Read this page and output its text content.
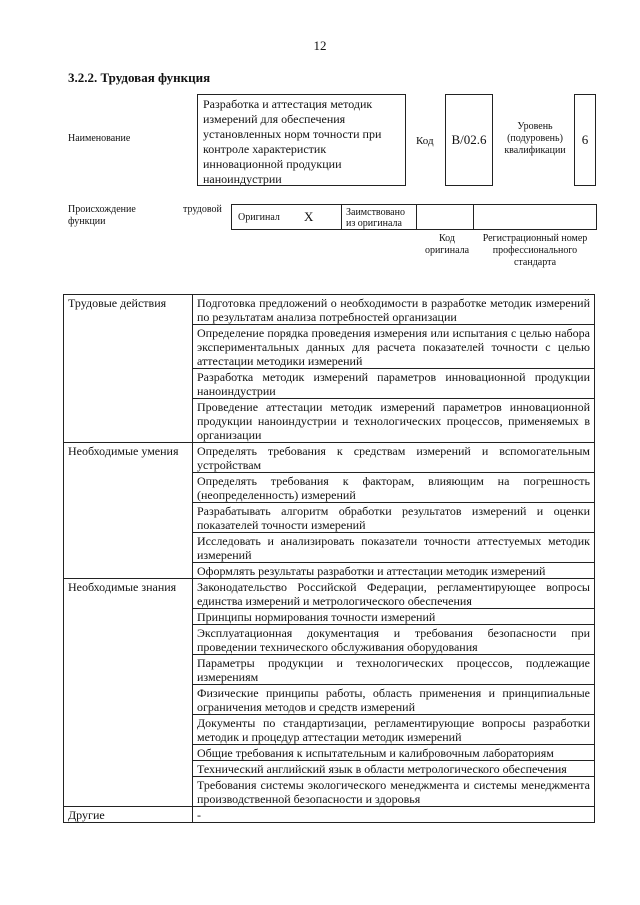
12
3.2.2. Трудовая функция
Наименование
Разработка и аттестация методик измерений для обеспечения установленных норм точности при контроле характеристик инновационной продукции наноиндустрии
Код	B/02.6
Уровень (подуровень) квалификации
6
Происхождение функции
трудовой
Оригинал X	Заимствовано из оригинала
Код оригинала
Регистрационный номер профессионального стандарта
Трудовые действия	Подготовка предложений о необходимости в разработке методик измерений по результатам анализа потребностей организации
	Определение порядка проведения измерения или испытания с целью набора экспериментальных данных для расчета показателей точности с целью аттестации методики измерений
	Разработка методик измерений параметров инновационной продукции наноиндустрии
	Проведение аттестации методик измерений параметров инновационной продукции наноиндустрии и технологических процессов, применяемых в организации
Необходимые умения	Определять требования к средствам измерений и вспомогательным устройствам
	Определять требования к факторам, влияющим на погрешность (неопределенность) измерений
	Разрабатывать алгоритм обработки результатов измерений и оценки показателей точности измерений
	Исследовать и анализировать показатели точности аттестуемых методик измерений
	Оформлять результаты разработки и аттестации методик измерений
Необходимые знания	Законодательство Российской Федерации, регламентирующее вопросы единства измерений и метрологического обеспечения
	Принципы нормирования точности измерений
	Эксплуатационная документация и требования безопасности при проведении технического обслуживания оборудования
	Параметры продукции и технологических процессов, подлежащие измерениям
	Физические принципы работы, область применения и принципиальные ограничения методов и средств измерений
	Документы по стандартизации, регламентирующие вопросы разработки методик и процедур аттестации методик измерений
	Общие требования к испытательным и калибровочным лабораториям
	Технический английский язык в области метрологического обеспечения
	Требования системы экологического менеджмента и системы менеджмента производственной безопасности и здоровья
Другие	-
